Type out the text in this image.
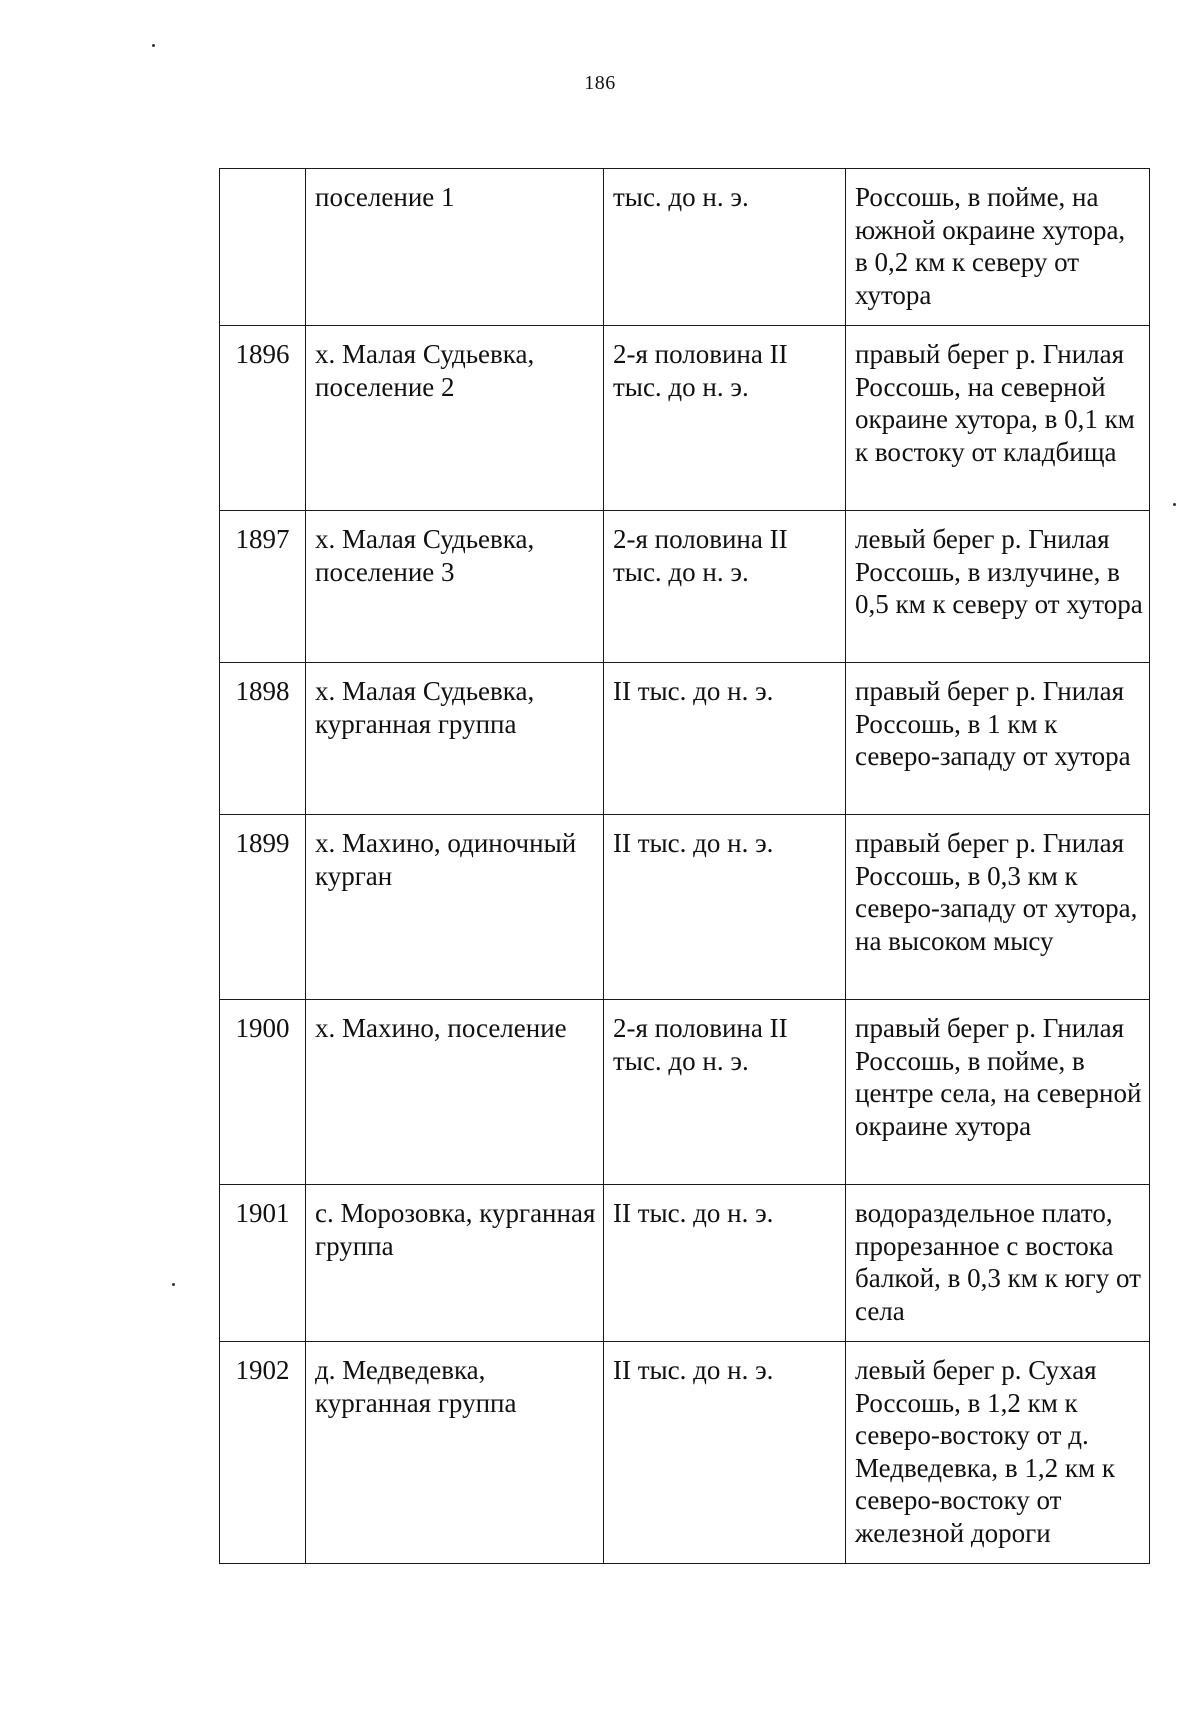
186

	поселение 1	тыс. до н. э.	Россошь, в пойме, на южной окраине хутора, в 0,2 км к северу от хутора

1896	х. Малая Судьевка, поселение 2	2-я половина II тыс. до н. э.	правый берег р. Гнилая Россошь, на северной окраине хутора, в 0,1 км к востоку от кладбища

1897	х. Малая Судьевка, поселение 3	2-я половина II тыс. до н. э.	левый берег р. Гнилая Россошь, в излучине, в 0,5 км к северу от хутора

1898	х. Малая Судьевка, курганная группа	II тыс. до н. э.	правый берег р. Гнилая Россошь, в 1 км к северо-западу от хутора

1899	х. Махино, одиночный курган	II тыс. до н. э.	правый берег р. Гнилая Россошь, в 0,3 км к северо-западу от хутора, на высоком мысу

1900	х. Махино, поселение	2-я половина II тыс. до н. э.	правый берег р. Гнилая Россошь, в пойме, в центре села, на северной окраине хутора

1901	с. Морозовка, курганная группа	II тыс. до н. э.	водораздельное плато, прорезанное с востока балкой, в 0,3 км к югу от села

1902	д. Медведевка, курганная группа	II тыс. до н. э.	левый берег р. Сухая Россошь, в 1,2 км к северо-востоку от д. Медведевка, в 1,2 км к северо-востоку от железной дороги
